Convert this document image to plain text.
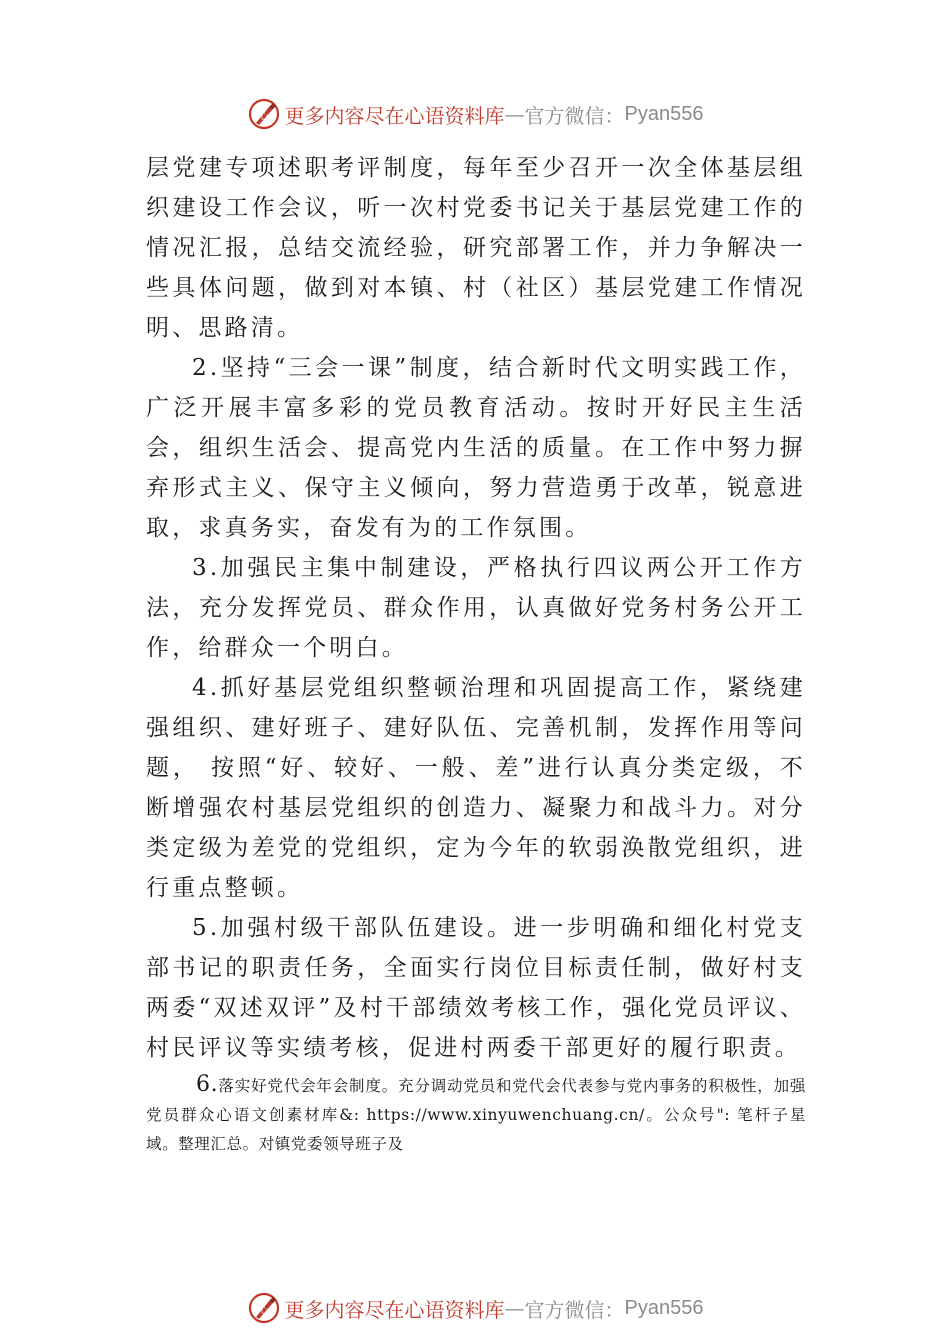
心 更多内容尽在心语资料库 — 官方微信： Pyan556

层党建专项述职考评制度，每年至少召开一次全体基层组织建设工作会议，听一次村党委书记关于基层党建工作的情况汇报，总结交流经验，研究部署工作，并力争解决一些具体问题，做到对本镇、村（社区）基层党建工作情况明、思路清。

2.坚持“三会一课”制度，结合新时代文明实践工作，广泛开展丰富多彩的党员教育活动。按时开好民主生活会，组织生活会、提高党内生活的质量。在工作中努力摒弃形式主义、保守主义倾向，努力营造勇于改革，锐意进取，求真务实，奋发有为的工作氛围。

3.加强民主集中制建设，严格执行四议两公开工作方法，充分发挥党员、群众作用，认真做好党务村务公开工作，给群众一个明白。

4.抓好基层党组织整顿治理和巩固提高工作，紧绕建强组织、建好班子、建好队伍、完善机制，发挥作用等问题， 按照“好、较好、一般、差”进行认真分类定级，不断增强农村基层党组织的创造力、凝聚力和战斗力。对分类定级为差党的党组织，定为今年的软弱涣散党组织，进行重点整顿。

5.加强村级干部队伍建设。进一步明确和细化村党支部书记的职责任务，全面实行岗位目标责任制，做好村支两委“双述双评”及村干部绩效考核工作，强化党员评议、村民评议等实绩考核，促进村两委干部更好的履行职责。

6.落实好党代会年会制度。充分调动党员和党代会代表参与党内事务的积极性，加强党员群众心语文创素材库&: https://www.xinyuwenchuang.cn/。公众号": 笔杆子星域。整理汇总。对镇党委领导班子及

心 更多内容尽在心语资料库 — 官方微信： Pyan556
